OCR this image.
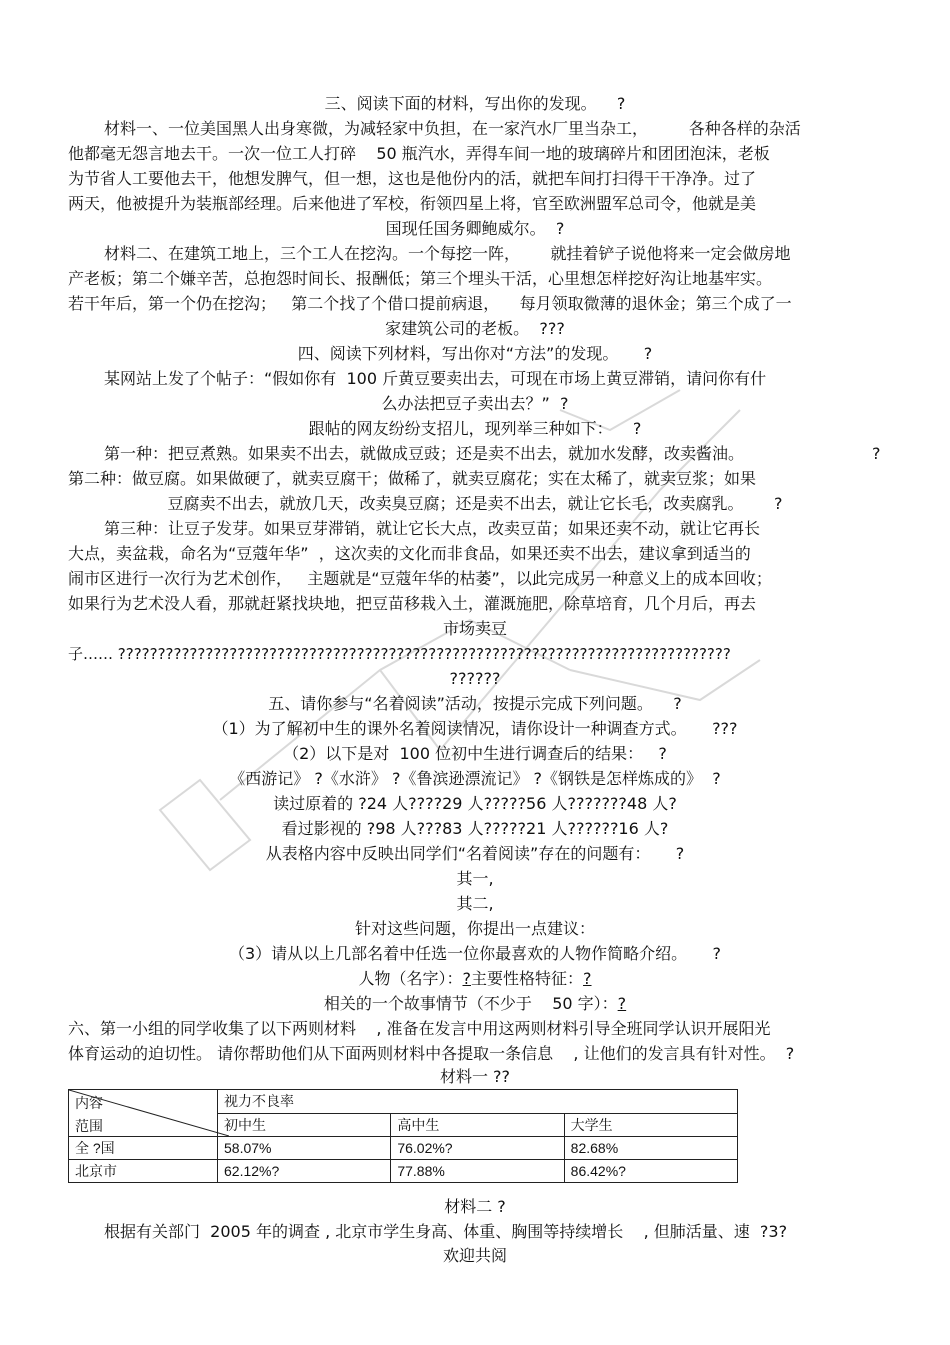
三、阅读下面的材料，写出你的发现。    ?
材料一、一位美国黑人出身寒微，为减轻家中负担，在一家汽水厂里当杂工，        各种各样的杂活
他都毫无怨言地去干。一次一位工人打碎    50 瓶汽水，弄得车间一地的玻璃碎片和团团泡沫，老板
为节省人工要他去干，他想发脾气，但一想，这也是他份内的活，就把车间打扫得干干净净。过了
两天，他被提升为装瓶部经理。后来他进了军校，衔领四星上将，官至欧洲盟军总司令，他就是美
国现任国务卿鲍威尔。  ?
材料二、在建筑工地上，三个工人在挖沟。一个每挖一阵，      就挂着铲子说他将来一定会做房地
产老板；第二个嫌辛苦，总抱怨时间长、报酬低；第三个埋头干活，心里想怎样挖好沟让地基牢实。
若干年后，第一个仍在挖沟；   第二个找了个借口提前病退，    每月领取微薄的退休金；第三个成了一
家建筑公司的老板。  ???
四、阅读下列材料，写出你对“方法”的发现。     ?
某网站上发了个帖子：“假如你有  100 斤黄豆要卖出去，可现在市场上黄豆滞销，请问你有什
么办法把豆子卖出去？”  ?
跟帖的网友纷纷支招儿，现列举三种如下：    ?
第一种：把豆煮熟。如果卖不出去，就做成豆豉；还是卖不出去，就加水发酵，改卖酱油。	?
第二种：做豆腐。如果做硬了，就卖豆腐干；做稀了，就卖豆腐花；实在太稀了，就卖豆浆；如果
豆腐卖不出去，就放几天，改卖臭豆腐；还是卖不出去，就让它长毛，改卖腐乳。      ?
第三种：让豆子发芽。如果豆芽滞销，就让它长大点，改卖豆苗；如果还卖不动，就让它再长
大点，卖盆栽，命名为“豆蔻年华”  ，这次卖的文化而非食品，如果还卖不出去，建议拿到适当的
闹市区进行一次行为艺术创作，   主题就是“豆蔻年华的枯萎”，以此完成另一种意义上的成本回收；
如果行为艺术没人看，那就赶紧找块地，把豆苗移栽入土，灌溉施肥，除草培育，几个月后，再去
市场卖豆
子…… ?????????????????????????????????????????????????????????????????????????????
??????
五、请你参与“名着阅读”活动，按提示完成下列问题。    ?
（1）为了解初中生的课外名着阅读情况，请你设计一种调查方式。     ???
（2）以下是对  100 位初中生进行调查后的结果：   ?
《西游记》 ?《水浒》 ?《鲁滨逊漂流记》 ?《钢铁是怎样炼成的》  ?
读过原着的 ?24 人????29 人?????56 人???????48 人?
看过影视的 ?98 人???83 人?????21 人??????16 人?
从表格内容中反映出同学们“名着阅读”存在的问题有：     ?
其一,
其二,
针对这些问题，你提出一点建议：
（3）请从以上几部名着中任选一位你最喜欢的人物作简略介绍。     ?
人物（名字）：?主要性格特征：?
相关的一个故事情节（不少于    50 字）：?
六、第一小组的同学收集了以下两则材料    , 准备在发言中用这两则材料引导全班同学认识开展阳光
体育运动的迫切性。 请你帮助他们从下面两则材料中各提取一条信息    , 让他们的发言具有针对性。  ?
材料一 ??
内容
范围	视力不良率		
	初中生	高中生	大学生
全 ?国	58.07%	76.02%?	82.68%
北京市	62.12%?	77.88%	86.42%?
材料二 ?
根据有关部门  2005 年的调查 , 北京市学生身高、体重、胸围等持续增长    , 但肺活量、速  ?3?
欢迎共阅
